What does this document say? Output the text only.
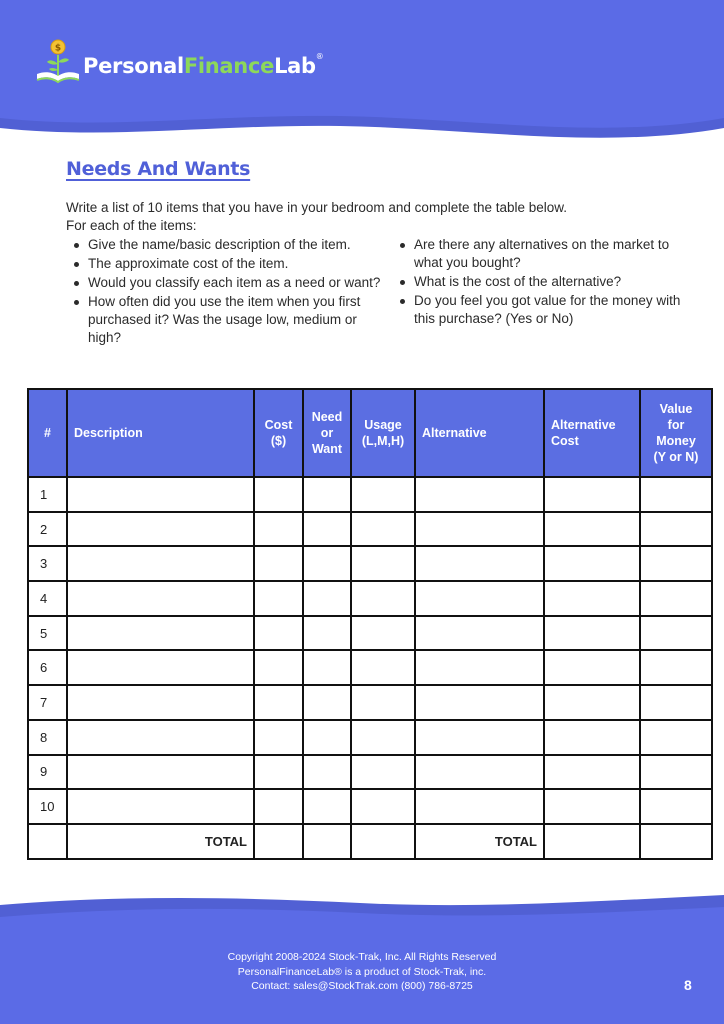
$
PersonalFinanceLab®
Needs And Wants
Write a list of 10 items that you have in your bedroom and complete the table below.
For each of the items:
Give the name/basic description of the item.
The approximate cost of the item.
Would you classify each item as a need or want?
How often did you use the item when you first purchased it? Was the usage low, medium or high?
Are there any alternatives on the market to what you bought?
What is the cost of the alternative?
Do you feel you got value for the money with this purchase? (Yes or No)
#	Description	Cost ($)	Need or Want	Usage (L,M,H)	Alternative	Alternative Cost	Value for Money (Y or N)

1							
2							
3							
4							
5							
6							
7							
8							
9							
10							
	TOTAL				TOTAL		
Copyright 2008-2024 Stock-Trak, Inc. All Rights Reserved
PersonalFinanceLab® is a product of Stock-Trak, inc.
Contact: sales@StockTrak.com (800) 786-8725	8
